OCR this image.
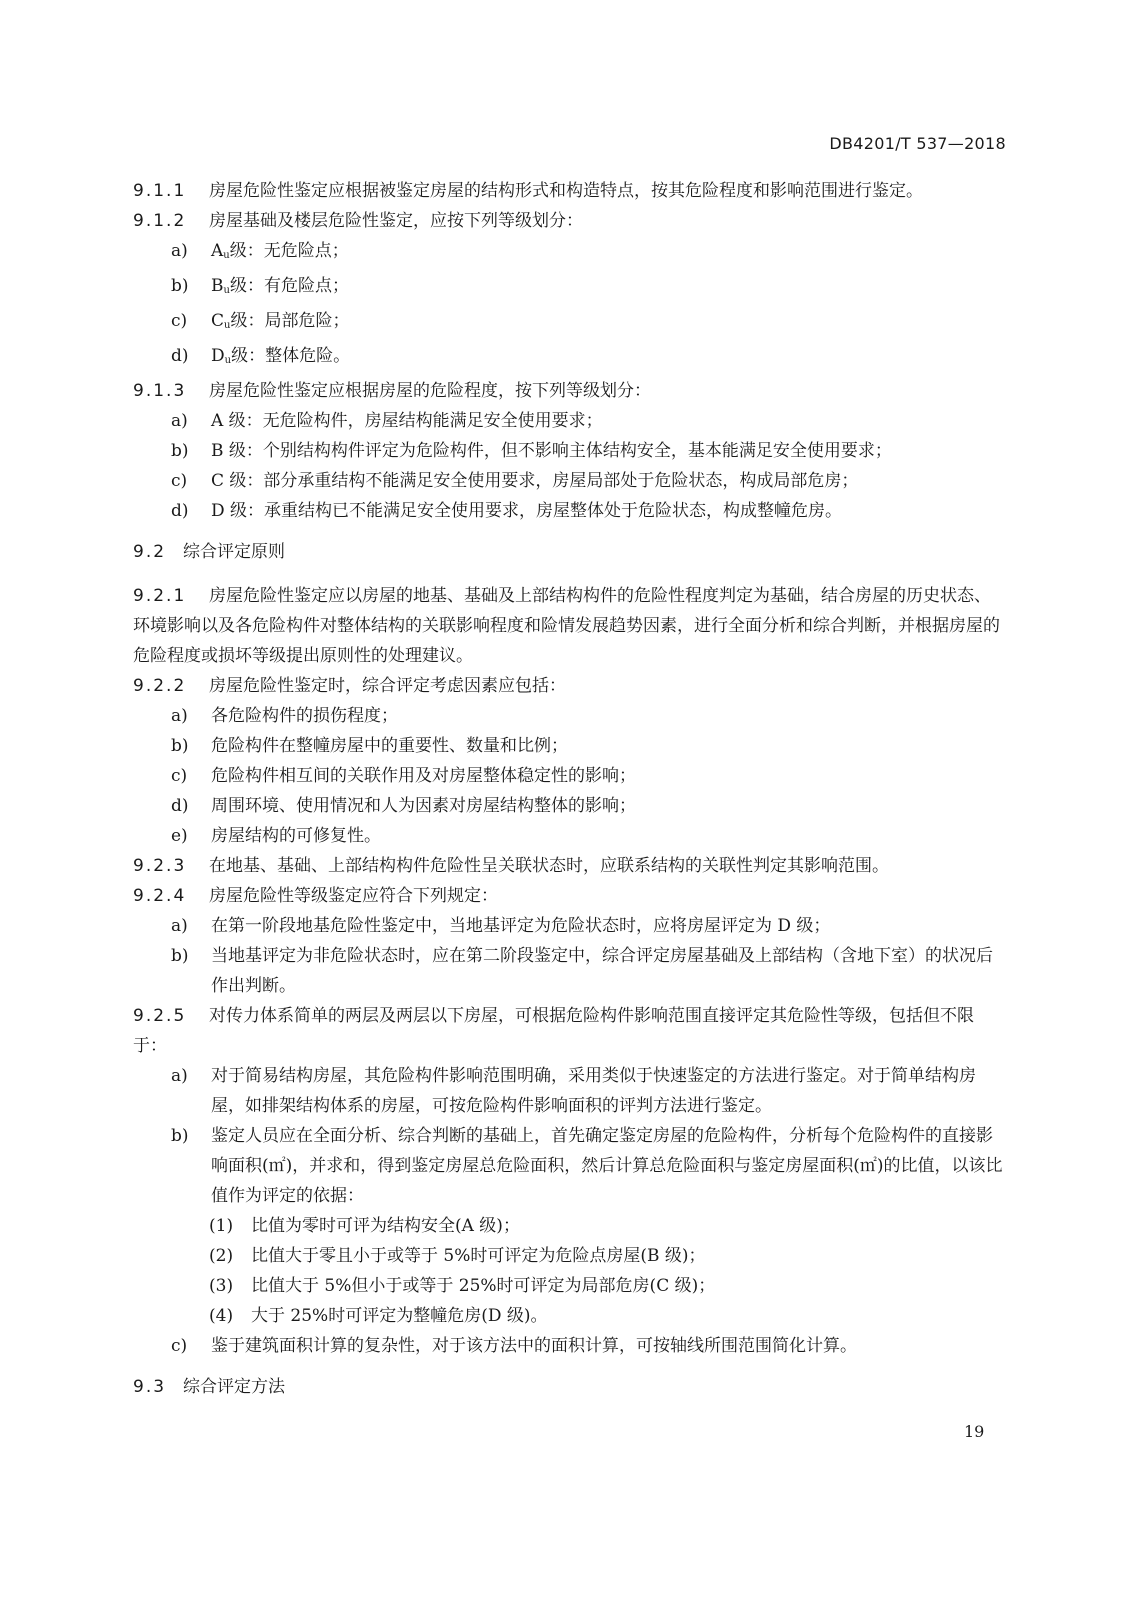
DB4201/T 537—2018

9.1.1 房屋危险性鉴定应根据被鉴定房屋的结构形式和构造特点，按其危险程度和影响范围进行鉴定。

9.1.2 房屋基础及楼层危险性鉴定，应按下列等级划分：

a)	$A_u$级：无危险点；
b)	$B_u$级：有危险点；
c)	$C_u$级：局部危险；
d)	$D_u$级：整体危险。

9.1.3 房屋危险性鉴定应根据房屋的危险程度，按下列等级划分：

a)	A 级：无危险构件，房屋结构能满足安全使用要求；
b)	B 级：个别结构构件评定为危险构件，但不影响主体结构安全，基本能满足安全使用要求；
c)	C 级：部分承重结构不能满足安全使用要求，房屋局部处于危险状态，构成局部危房；
d)	D 级：承重结构已不能满足安全使用要求，房屋整体处于危险状态，构成整幢危房。
9.2 综合评定原则

9.2.1 房屋危险性鉴定应以房屋的地基、基础及上部结构构件的危险性程度判定为基础，结合房屋的历史状态、环境影响以及各危险构件对整体结构的关联影响程度和险情发展趋势因素，进行全面分析和综合判断，并根据房屋的危险程度或损坏等级提出原则性的处理建议。

9.2.2 房屋危险性鉴定时，综合评定考虑因素应包括：

a)	各危险构件的损伤程度；
b)	危险构件在整幢房屋中的重要性、数量和比例；
c)	危险构件相互间的关联作用及对房屋整体稳定性的影响；
d)	周围环境、使用情况和人为因素对房屋结构整体的影响；
e)	房屋结构的可修复性。

9.2.3 在地基、基础、上部结构构件危险性呈关联状态时，应联系结构的关联性判定其影响范围。

9.2.4 房屋危险性等级鉴定应符合下列规定：

a)	在第一阶段地基危险性鉴定中，当地基评定为危险状态时，应将房屋评定为 D 级；
b)	当地基评定为非危险状态时，应在第二阶段鉴定中，综合评定房屋基础及上部结构（含地下室）的状况后作出判断。

9.2.5 对传力体系简单的两层及两层以下房屋，可根据危险构件影响范围直接评定其危险性等级，包括但不限于：

a)	对于简易结构房屋，其危险构件影响范围明确，采用类似于快速鉴定的方法进行鉴定。对于简单结构房屋，如排架结构体系的房屋，可按危险构件影响面积的评判方法进行鉴定。
b)	鉴定人员应在全面分析、综合判断的基础上，首先确定鉴定房屋的危险构件，分析每个危险构件的直接影响面积(㎡)，并求和，得到鉴定房屋总危险面积，然后计算总危险面积与鉴定房屋面积(㎡)的比值，以该比值作为评定的依据：
(1)	比值为零时可评为结构安全(A 级)；
(2)	比值大于零且小于或等于 5%时可评定为危险点房屋(B 级)；
(3)	比值大于 5%但小于或等于 25%时可评定为局部危房(C 级)；
(4)	大于 25%时可评定为整幢危房(D 级)。
c)	鉴于建筑面积计算的复杂性，对于该方法中的面积计算，可按轴线所围范围简化计算。
9.3 综合评定方法
19
